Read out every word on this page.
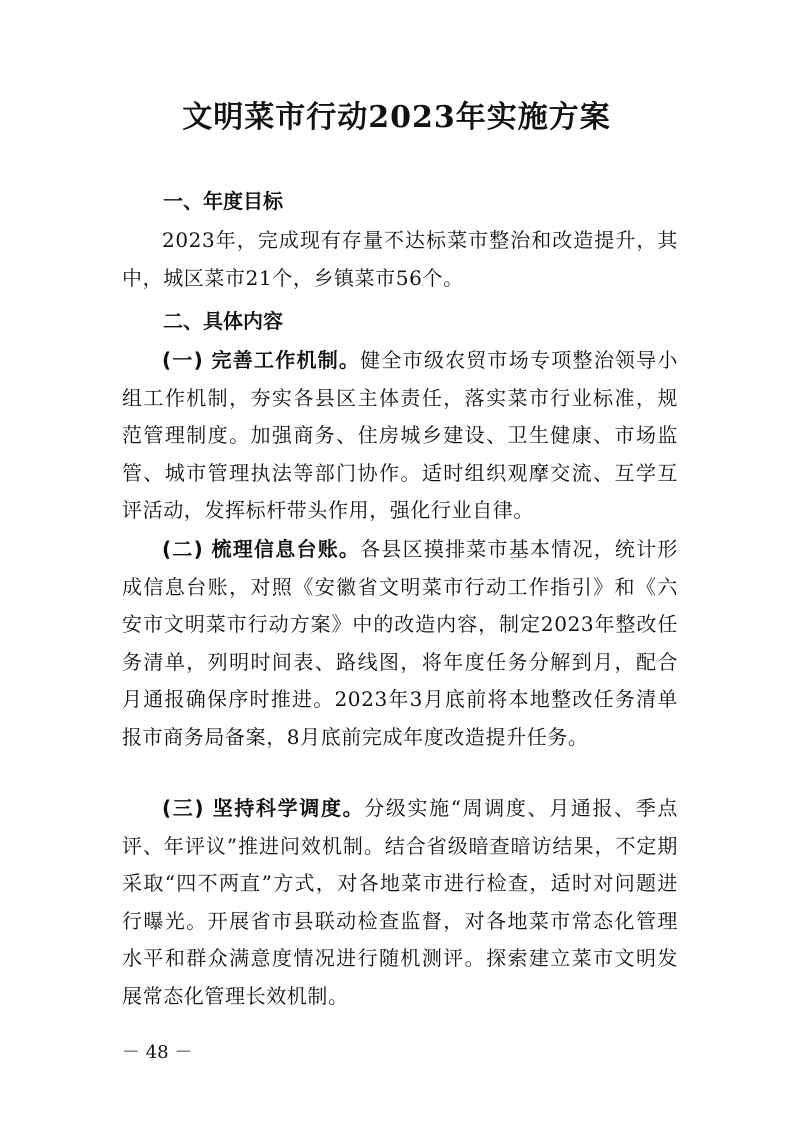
文明菜市行动2023年实施方案
一、年度目标

2023年，完成现有存量不达标菜市整治和改造提升，其中，城区菜市21个，乡镇菜市56个。

二、具体内容

(一) 完善工作机制。健全市级农贸市场专项整治领导小组工作机制，夯实各县区主体责任，落实菜市行业标准，规范管理制度。加强商务、住房城乡建设、卫生健康、市场监管、城市管理执法等部门协作。适时组织观摩交流、互学互评活动，发挥标杆带头作用，强化行业自律。

(二) 梳理信息台账。各县区摸排菜市基本情况，统计形成信息台账，对照《安徽省文明菜市行动工作指引》和《六安市文明菜市行动方案》中的改造内容，制定2023年整改任务清单，列明时间表、路线图，将年度任务分解到月，配合月通报确保序时推进。2023年3月底前将本地整改任务清单报市商务局备案，8月底前完成年度改造提升任务。

(三) 坚持科学调度。分级实施“周调度、月通报、季点评、年评议”推进问效机制。结合省级暗查暗访结果，不定期采取“四不两直”方式，对各地菜市进行检查，适时对问题进行曝光。开展省市县联动检查监督，对各地菜市常态化管理水平和群众满意度情况进行随机测评。探索建立菜市文明发展常态化管理长效机制。

－ 48 －
